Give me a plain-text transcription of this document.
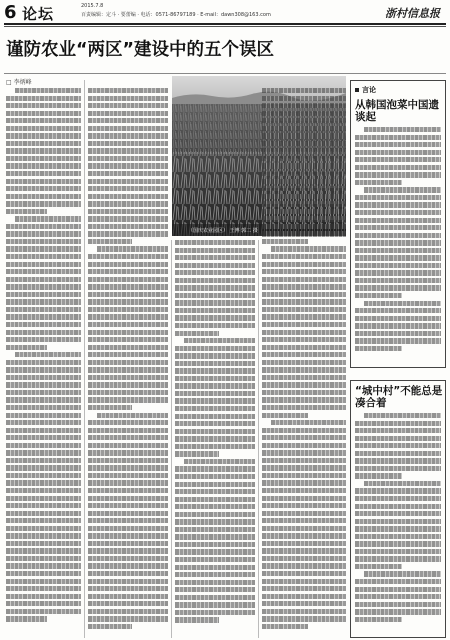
6 论坛	2015.7.8
百责编辑：定斗 · 要蕾编 · 电话：0571-86797189 · E-mail：dawn308@163.com	浙村信息报
谨防农业“两区”建设中的五个误区
□ 李炳峰
（国庆农业园区） 王博 郭二 摄
言论
从韩国泡菜中国遗谈起
“城中村”不能总是凑合着
